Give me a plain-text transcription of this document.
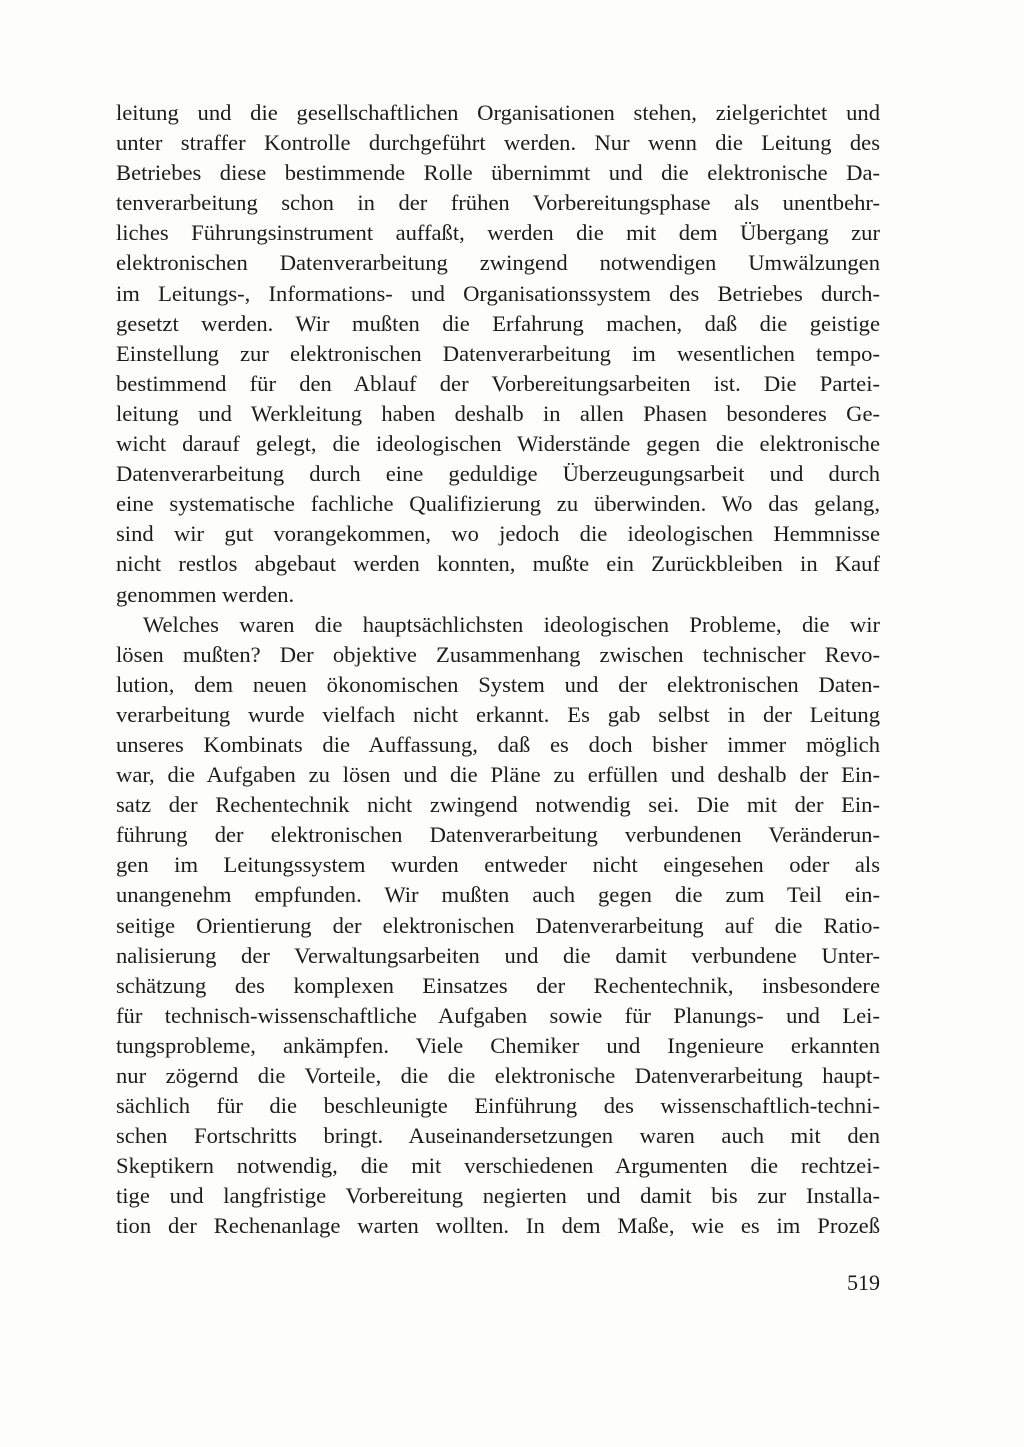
leitung und die gesellschaftlichen Organisationen stehen, zielgerichtet und
unter straffer Kontrolle durchgeführt werden. Nur wenn die Leitung des
Betriebes diese bestimmende Rolle übernimmt und die elektronische Da-
tenverarbeitung schon in der frühen Vorbereitungsphase als unentbehr-
liches Führungsinstrument auffaßt, werden die mit dem Übergang zur
elektronischen Datenverarbeitung zwingend notwendigen Umwälzungen
im Leitungs-, Informations- und Organisationssystem des Betriebes durch-
gesetzt werden. Wir mußten die Erfahrung machen, daß die geistige
Einstellung zur elektronischen Datenverarbeitung im wesentlichen tempo-
bestimmend für den Ablauf der Vorbereitungsarbeiten ist. Die Partei-
leitung und Werkleitung haben deshalb in allen Phasen besonderes Ge-
wicht darauf gelegt, die ideologischen Widerstände gegen die elektronische
Datenverarbeitung durch eine geduldige Überzeugungsarbeit und durch
eine systematische fachliche Qualifizierung zu überwinden. Wo das gelang,
sind wir gut vorangekommen, wo jedoch die ideologischen Hemmnisse
nicht restlos abgebaut werden konnten, mußte ein Zurückbleiben in Kauf
genommen werden.

Welches waren die hauptsächlichsten ideologischen Probleme, die wir
lösen mußten? Der objektive Zusammenhang zwischen technischer Revo-
lution, dem neuen ökonomischen System und der elektronischen Daten-
verarbeitung wurde vielfach nicht erkannt. Es gab selbst in der Leitung
unseres Kombinats die Auffassung, daß es doch bisher immer möglich
war, die Aufgaben zu lösen und die Pläne zu erfüllen und deshalb der Ein-
satz der Rechentechnik nicht zwingend notwendig sei. Die mit der Ein-
führung der elektronischen Datenverarbeitung verbundenen Veränderun-
gen im Leitungssystem wurden entweder nicht eingesehen oder als
unangenehm empfunden. Wir mußten auch gegen die zum Teil ein-
seitige Orientierung der elektronischen Datenverarbeitung auf die Ratio-
nalisierung der Verwaltungsarbeiten und die damit verbundene Unter-
schätzung des komplexen Einsatzes der Rechentechnik, insbesondere
für technisch-wissenschaftliche Aufgaben sowie für Planungs- und Lei-
tungsprobleme, ankämpfen. Viele Chemiker und Ingenieure erkannten
nur zögernd die Vorteile, die die elektronische Datenverarbeitung haupt-
sächlich für die beschleunigte Einführung des wissenschaftlich-techni-
schen Fortschritts bringt. Auseinandersetzungen waren auch mit den
Skeptikern notwendig, die mit verschiedenen Argumenten die rechtzei-
tige und langfristige Vorbereitung negierten und damit bis zur Installa-
tion der Rechenanlage warten wollten. In dem Maße, wie es im Prozeß

519
